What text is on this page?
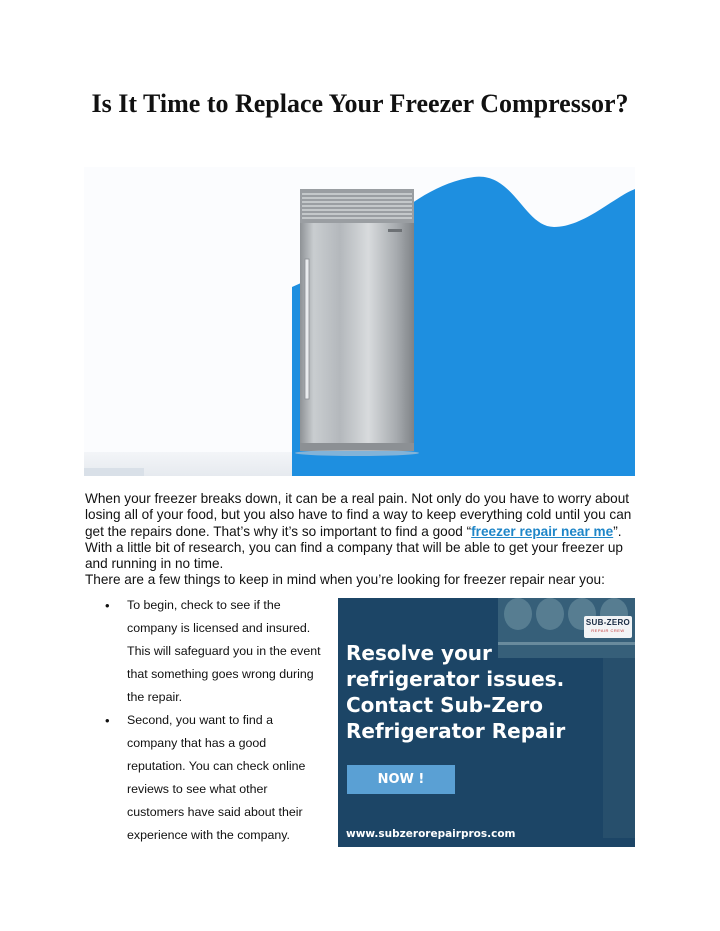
Is It Time to Replace Your Freezer Compressor?

When your freezer breaks down, it can be a real pain. Not only do you have to worry about losing all of your food, but you also have to find a way to keep everything cold until you can get the repairs done. That’s why it’s so important to find a good “freezer repair near me”. With a little bit of research, you can find a company that will be able to get your freezer up and running in no time.

There are a few things to keep in mind when you’re looking for freezer repair near you:

• To begin, check to see if the company is licensed and insured. This will safeguard you in the event that something goes wrong during the repair.
• Second, you want to find a company that has a good reputation. You can check online reviews to see what other customers have said about their experience with the company.
SUB-ZERO
REPAIR CREW
Resolve your
refrigerator issues.
Contact Sub-Zero
Refrigerator Repair
NOW !
www.subzerorepairpros.com
